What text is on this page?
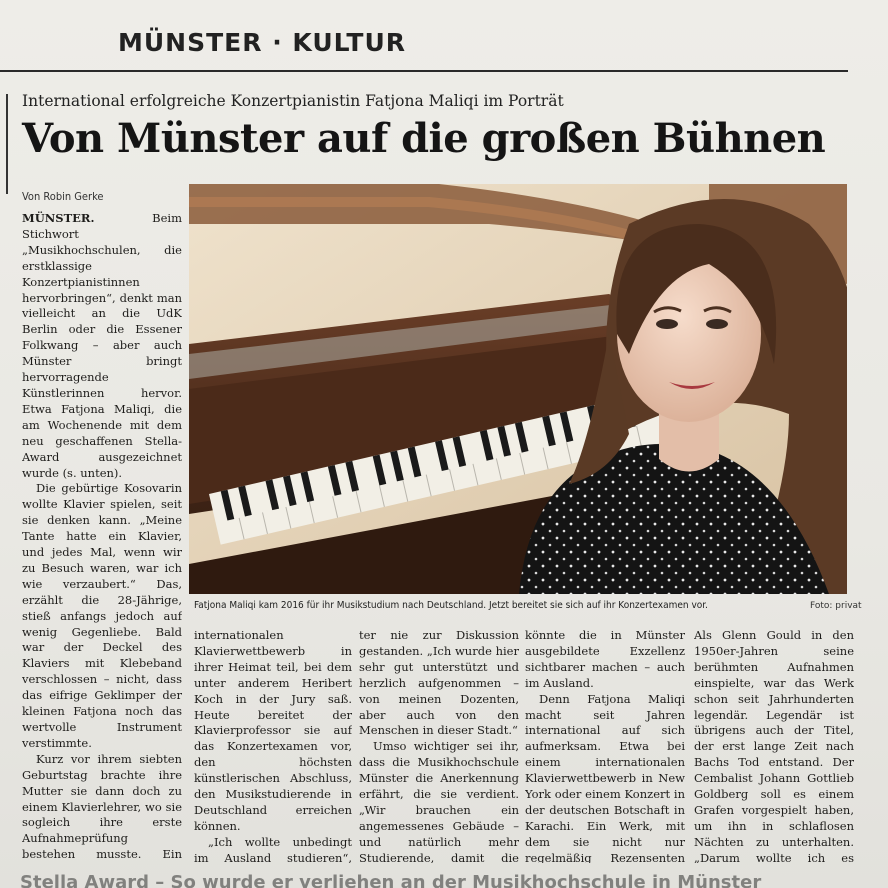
MÜNSTER · KULTUR
International erfolgreiche Konzertpianistin Fatjona Maliqi im Porträt
Von Münster auf die großen Bühnen
Von Robin Gerke

MÜNSTER.	Beim Stichwort „Musikhochschulen, die erstklassige Konzertpianistinnen hervorbringen“, denkt man vielleicht an die UdK Berlin oder die Essener Folkwang – aber auch Münster bringt hervorragende Künstlerinnen hervor. Etwa Fatjona Maliqi, die am Wochenende mit dem neu geschaffenen Stella-Award ausgezeichnet wurde (s. unten).

Die gebürtige Kosovarin wollte Klavier spielen, seit sie denken kann. „Meine Tante hatte ein Klavier, und jedes Mal, wenn wir zu Besuch waren, war ich wie verzaubert.“ Das, erzählt die 28-Jährige, stieß anfangs jedoch auf wenig Gegenliebe. Bald war der Deckel des Klaviers mit Klebeband verschlossen – nicht, dass das eifrige Geklimper der kleinen Fatjona noch das wertvolle Instrument verstimmte.

Kurz vor ihrem siebten Geburtstag brachte ihre Mutter sie dann doch zu einem Klavierlehrer, wo sie sogleich ihre erste Aufnahmeprüfung bestehen musste. Ein

Fatjona Maliqi kam 2016 für ihr Musikstudium nach Deutschland. Jetzt bereitet sie sich auf ihr Konzertexamen vor.	Foto: privat

internationalen Klavierwettbewerb in ihrer Heimat teil, bei dem unter anderem Heribert Koch in der Jury saß. Heute bereitet der Klavierprofessor sie auf das Konzertexamen vor, den höchsten künstlerischen Abschluss, den Musikstudierende in Deutschland erreichen können.

„Ich wollte unbedingt im Ausland studieren“,

ter nie zur Diskussion gestanden. „Ich wurde hier sehr gut unterstützt und herzlich aufgenommen – von meinen Dozenten, aber auch von den Menschen in dieser Stadt.“

Umso wichtiger sei ihr, dass die Musikhochschule Münster die Anerkennung erfährt, die sie verdient. „Wir brauchen ein angemessenes Gebäude – und natürlich mehr Studierende, damit die

könnte die in Münster ausgebildete Exzellenz sichtbarer machen – auch im Ausland.

Denn Fatjona Maliqi macht seit Jahren international auf sich aufmerksam. Etwa bei einem internationalen Klavierwettbewerb in New York oder einem Konzert in der deutschen Botschaft in Karachi. Ein Werk, mit dem sie nicht nur regelmäßig Rezensenten

Als Glenn Gould in den 1950er-Jahren seine berühmten Aufnahmen einspielte, war das Werk schon seit Jahrhunderten legendär. Legendär ist übrigens auch der Titel, der erst lange Zeit nach Bachs Tod entstand. Der Cembalist Johann Gottlieb Goldberg soll es einem Grafen vorgespielt haben, um ihn in schlaflosen Nächten zu unterhalten. „Darum wollte ich es

Stella Award – So wurde er verliehen an der Musikhochschule in Münster
